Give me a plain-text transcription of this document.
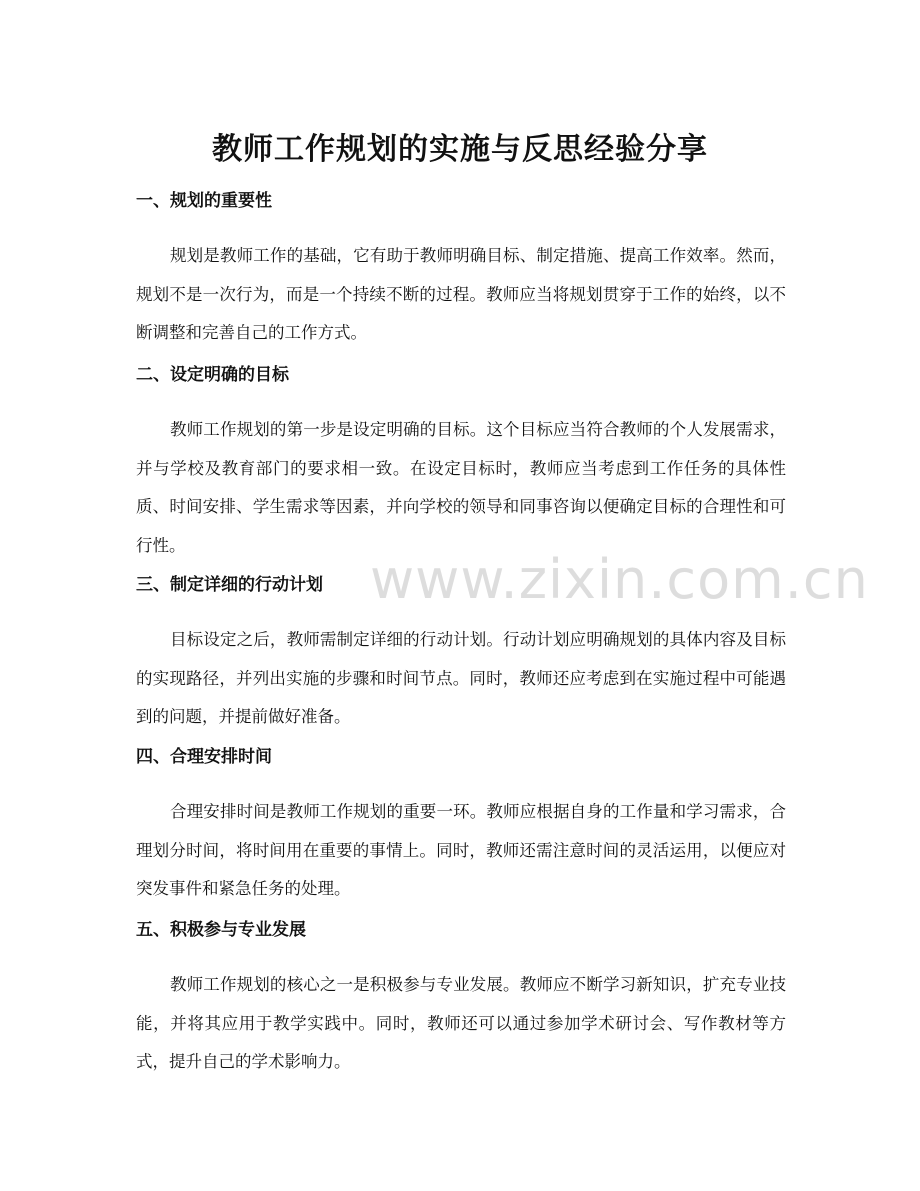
教师工作规划的实施与反思经验分享
一、规划的重要性

规划是教师工作的基础，它有助于教师明确目标、制定措施、提高工作效率。然而，规划不是一次行为，而是一个持续不断的过程。教师应当将规划贯穿于工作的始终，以不断调整和完善自己的工作方式。

二、设定明确的目标

教师工作规划的第一步是设定明确的目标。这个目标应当符合教师的个人发展需求，并与学校及教育部门的要求相一致。在设定目标时，教师应当考虑到工作任务的具体性质、时间安排、学生需求等因素，并向学校的领导和同事咨询以便确定目标的合理性和可行性。

三、制定详细的行动计划

目标设定之后，教师需制定详细的行动计划。行动计划应明确规划的具体内容及目标的实现路径，并列出实施的步骤和时间节点。同时，教师还应考虑到在实施过程中可能遇到的问题，并提前做好准备。

四、合理安排时间

合理安排时间是教师工作规划的重要一环。教师应根据自身的工作量和学习需求，合理划分时间，将时间用在重要的事情上。同时，教师还需注意时间的灵活运用，以便应对突发事件和紧急任务的处理。

五、积极参与专业发展

教师工作规划的核心之一是积极参与专业发展。教师应不断学习新知识，扩充专业技能，并将其应用于教学实践中。同时，教师还可以通过参加学术研讨会、写作教材等方式，提升自己的学术影响力。

www.zixin.com.cn
